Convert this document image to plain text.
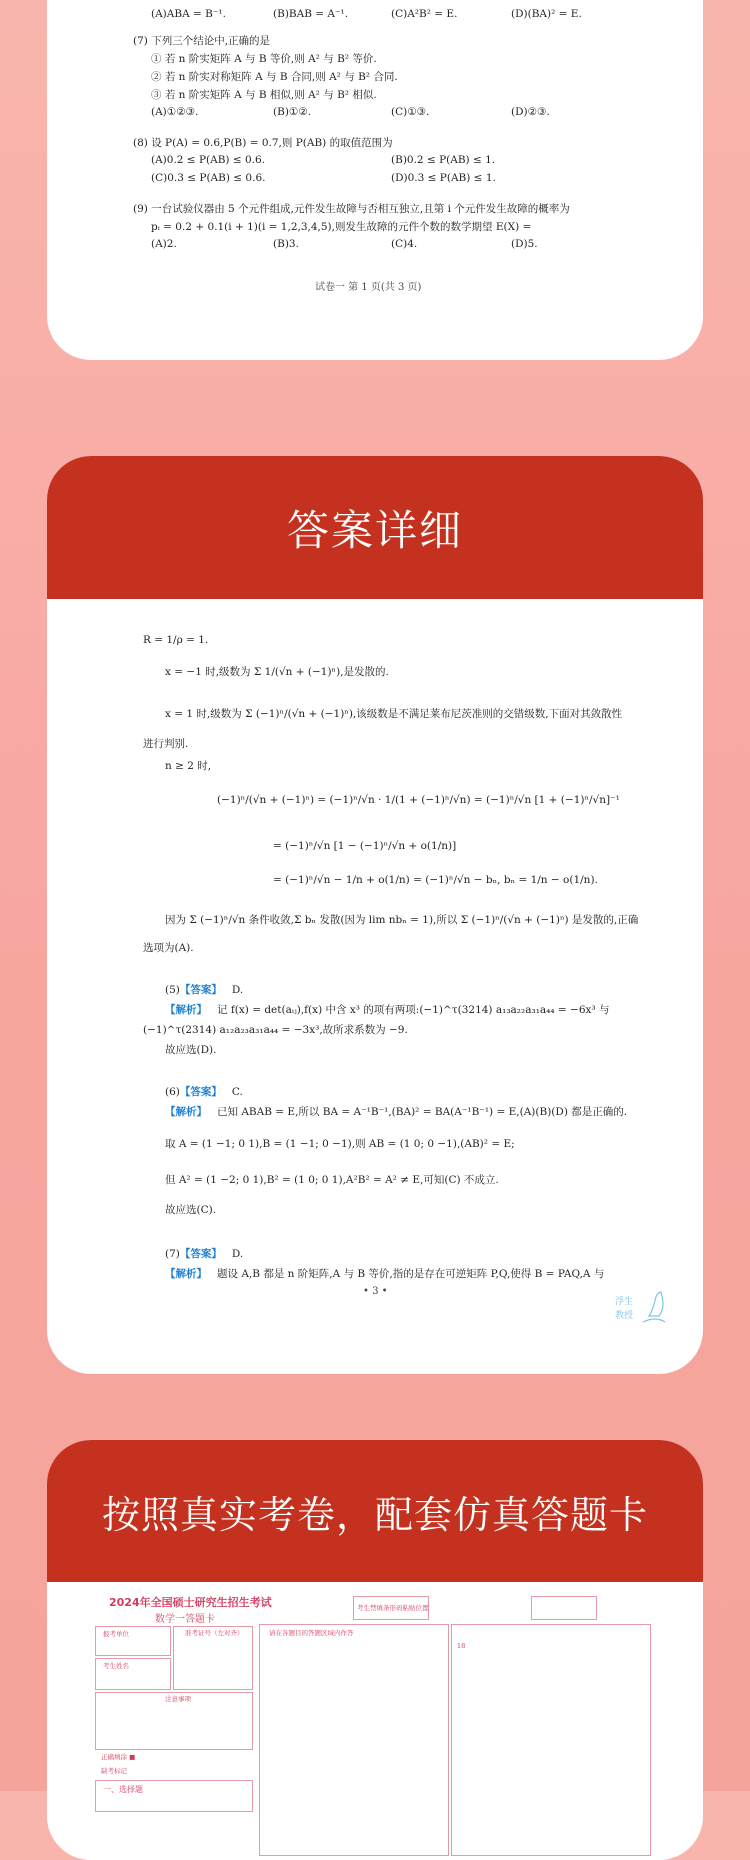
(A)ABA = B⁻¹.	(B)BAB = A⁻¹.	(C)A²B² = E.	(D)(BA)² = E.
(7) 下列三个结论中,正确的是
① 若 n 阶实矩阵 A 与 B 等价,则 A² 与 B² 等价.
② 若 n 阶实对称矩阵 A 与 B 合同,则 A² 与 B² 合同.
③ 若 n 阶实矩阵 A 与 B 相似,则 A² 与 B² 相似.
(A)①②③.	(B)①②.	(C)①③.	(D)②③.
(8) 设 P(A) = 0.6,P(B) = 0.7,则 P(AB) 的取值范围为
(A)0.2 ≤ P(AB) ≤ 0.6.	(B)0.2 ≤ P(AB) ≤ 1.
(C)0.3 ≤ P(AB) ≤ 0.6.	(D)0.3 ≤ P(AB) ≤ 1.
(9) 一台试验仪器由 5 个元件组成,元件发生故障与否相互独立,且第 i 个元件发生故障的概率为
pᵢ = 0.2 + 0.1(i + 1)(i = 1,2,3,4,5),则发生故障的元件个数的数学期望 E(X) =
(A)2.	(B)3.	(C)4.	(D)5.
试卷一 第 1 页(共 3 页)
答案详细
R = 1/ρ = 1.
x = −1 时,级数为 Σ 1/(√n + (−1)ⁿ),是发散的.
x = 1 时,级数为 Σ (−1)ⁿ/(√n + (−1)ⁿ),该级数是不满足莱布尼茨准则的交错级数,下面对其敛散性
进行判别.
n ≥ 2 时,
(−1)ⁿ/(√n + (−1)ⁿ) = (−1)ⁿ/√n · 1/(1 + (−1)ⁿ/√n) = (−1)ⁿ/√n [1 + (−1)ⁿ/√n]⁻¹
= (−1)ⁿ/√n [1 − (−1)ⁿ/√n + o(1/n)]
= (−1)ⁿ/√n − 1/n + o(1/n) = (−1)ⁿ/√n − bₙ, bₙ = 1/n − o(1/n).
因为 Σ (−1)ⁿ/√n 条件收敛,Σ bₙ 发散(因为 lim nbₙ = 1),所以 Σ (−1)ⁿ/(√n + (−1)ⁿ) 是发散的,正确
选项为(A).
(5)【答案】 D.
【解析】 记 f(x) = det(aᵢⱼ),f(x) 中含 x³ 的项有两项:(−1)^τ(3214) a₁₃a₂₂a₃₁a₄₄ = −6x³ 与
(−1)^τ(2314) a₁₂a₂₃a₃₁a₄₄ = −3x³,故所求系数为 −9.
故应选(D).
(6)【答案】 C.
【解析】 已知 ABAB = E,所以 BA = A⁻¹B⁻¹,(BA)² = BA(A⁻¹B⁻¹) = E,(A)(B)(D) 都是正确的.
取 A = (1 −1; 0 1),B = (1 −1; 0 −1),则 AB = (1 0; 0 −1),(AB)² = E;
但 A² = (1 −2; 0 1),B² = (1 0; 0 1),A²B² = A² ≠ E,可知(C) 不成立.
故应选(C).
(7)【答案】 D.
【解析】 题设 A,B 都是 n 阶矩阵,A 与 B 等价,指的是存在可逆矩阵 P,Q,使得 B = PAQ,A 与
• 3 •
浮生
教授
按照真实考卷，配套仿真答题卡
2024年全国硕士研究生招生考试
数学一答题卡
报考单位
考生姓名
准考证号（左对齐）
注意事项
正确填涂 ■
缺考标记
一、选择题
考生禁填条形码粘贴位置
请在各题目的答题区域内作答
18
